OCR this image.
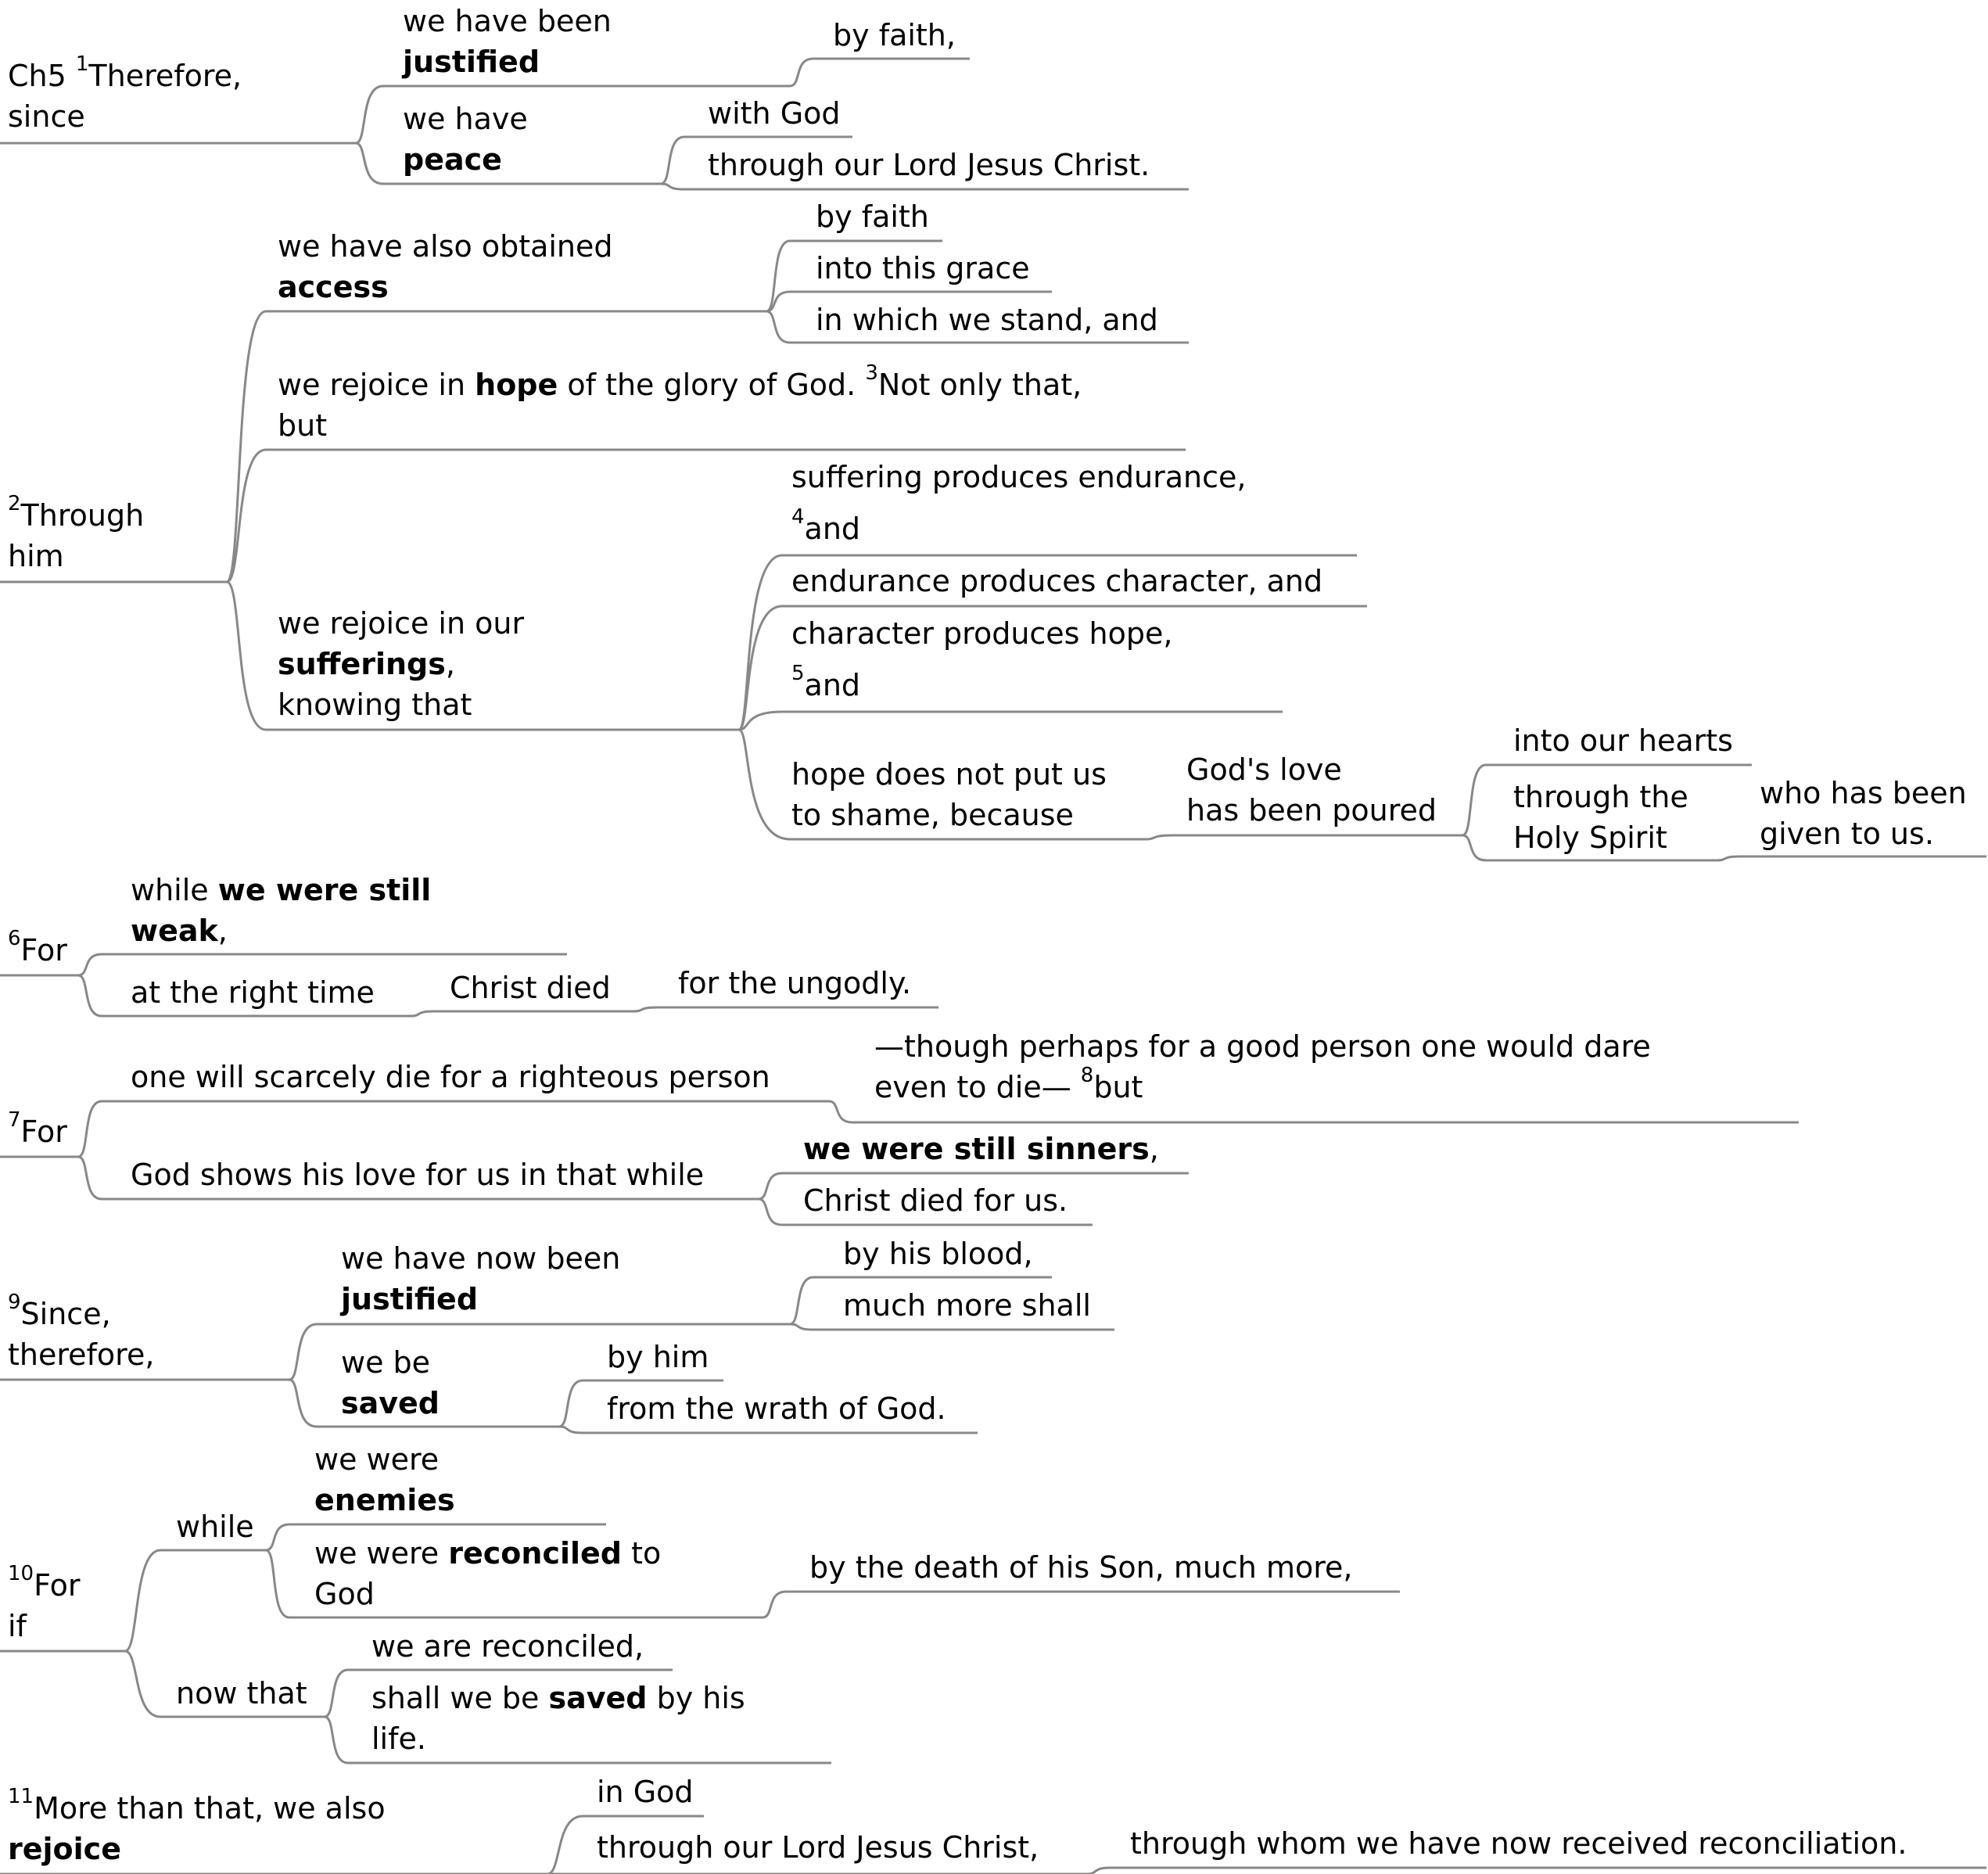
Ch5 $^1$Therefore, since
we have been justified
by faith,
we have peace
with God
through our Lord Jesus Christ.
$^2$Through him
we have also obtained access
by faith
into this grace
in which we stand, and
we rejoice in hope of the glory of God. $^3$Not only that, but
we rejoice in our sufferings, knowing that
suffering produces endurance, 4and
endurance produces character, and
character produces hope, 5and
hope does not put us to shame, because
God's love has been poured
into our hearts
through the Holy Spirit
who has been given to us.
$^6$For
while we were still weak,
at the right time	Christ died for the ungodly.
$^7$For
one will scarcely die for a righteous person
God shows his love for us in that while
—though perhaps for a good person one would dare even to die— $^8$but
we were still sinners,
Christ died for us.
$^9$Since, therefore,
we have now been justified
we be saved
by his blood,
much more shall
by him
from the wrath of God.
$^{10}$For if
while
now that
we were enemies
we were reconciled to God
by the death of his Son, much more,
we are reconciled,
shall we be saved by his life.
$^{11}$More than that, we also rejoice
in God
through our Lord Jesus Christ,	through whom we have now received reconciliation.
